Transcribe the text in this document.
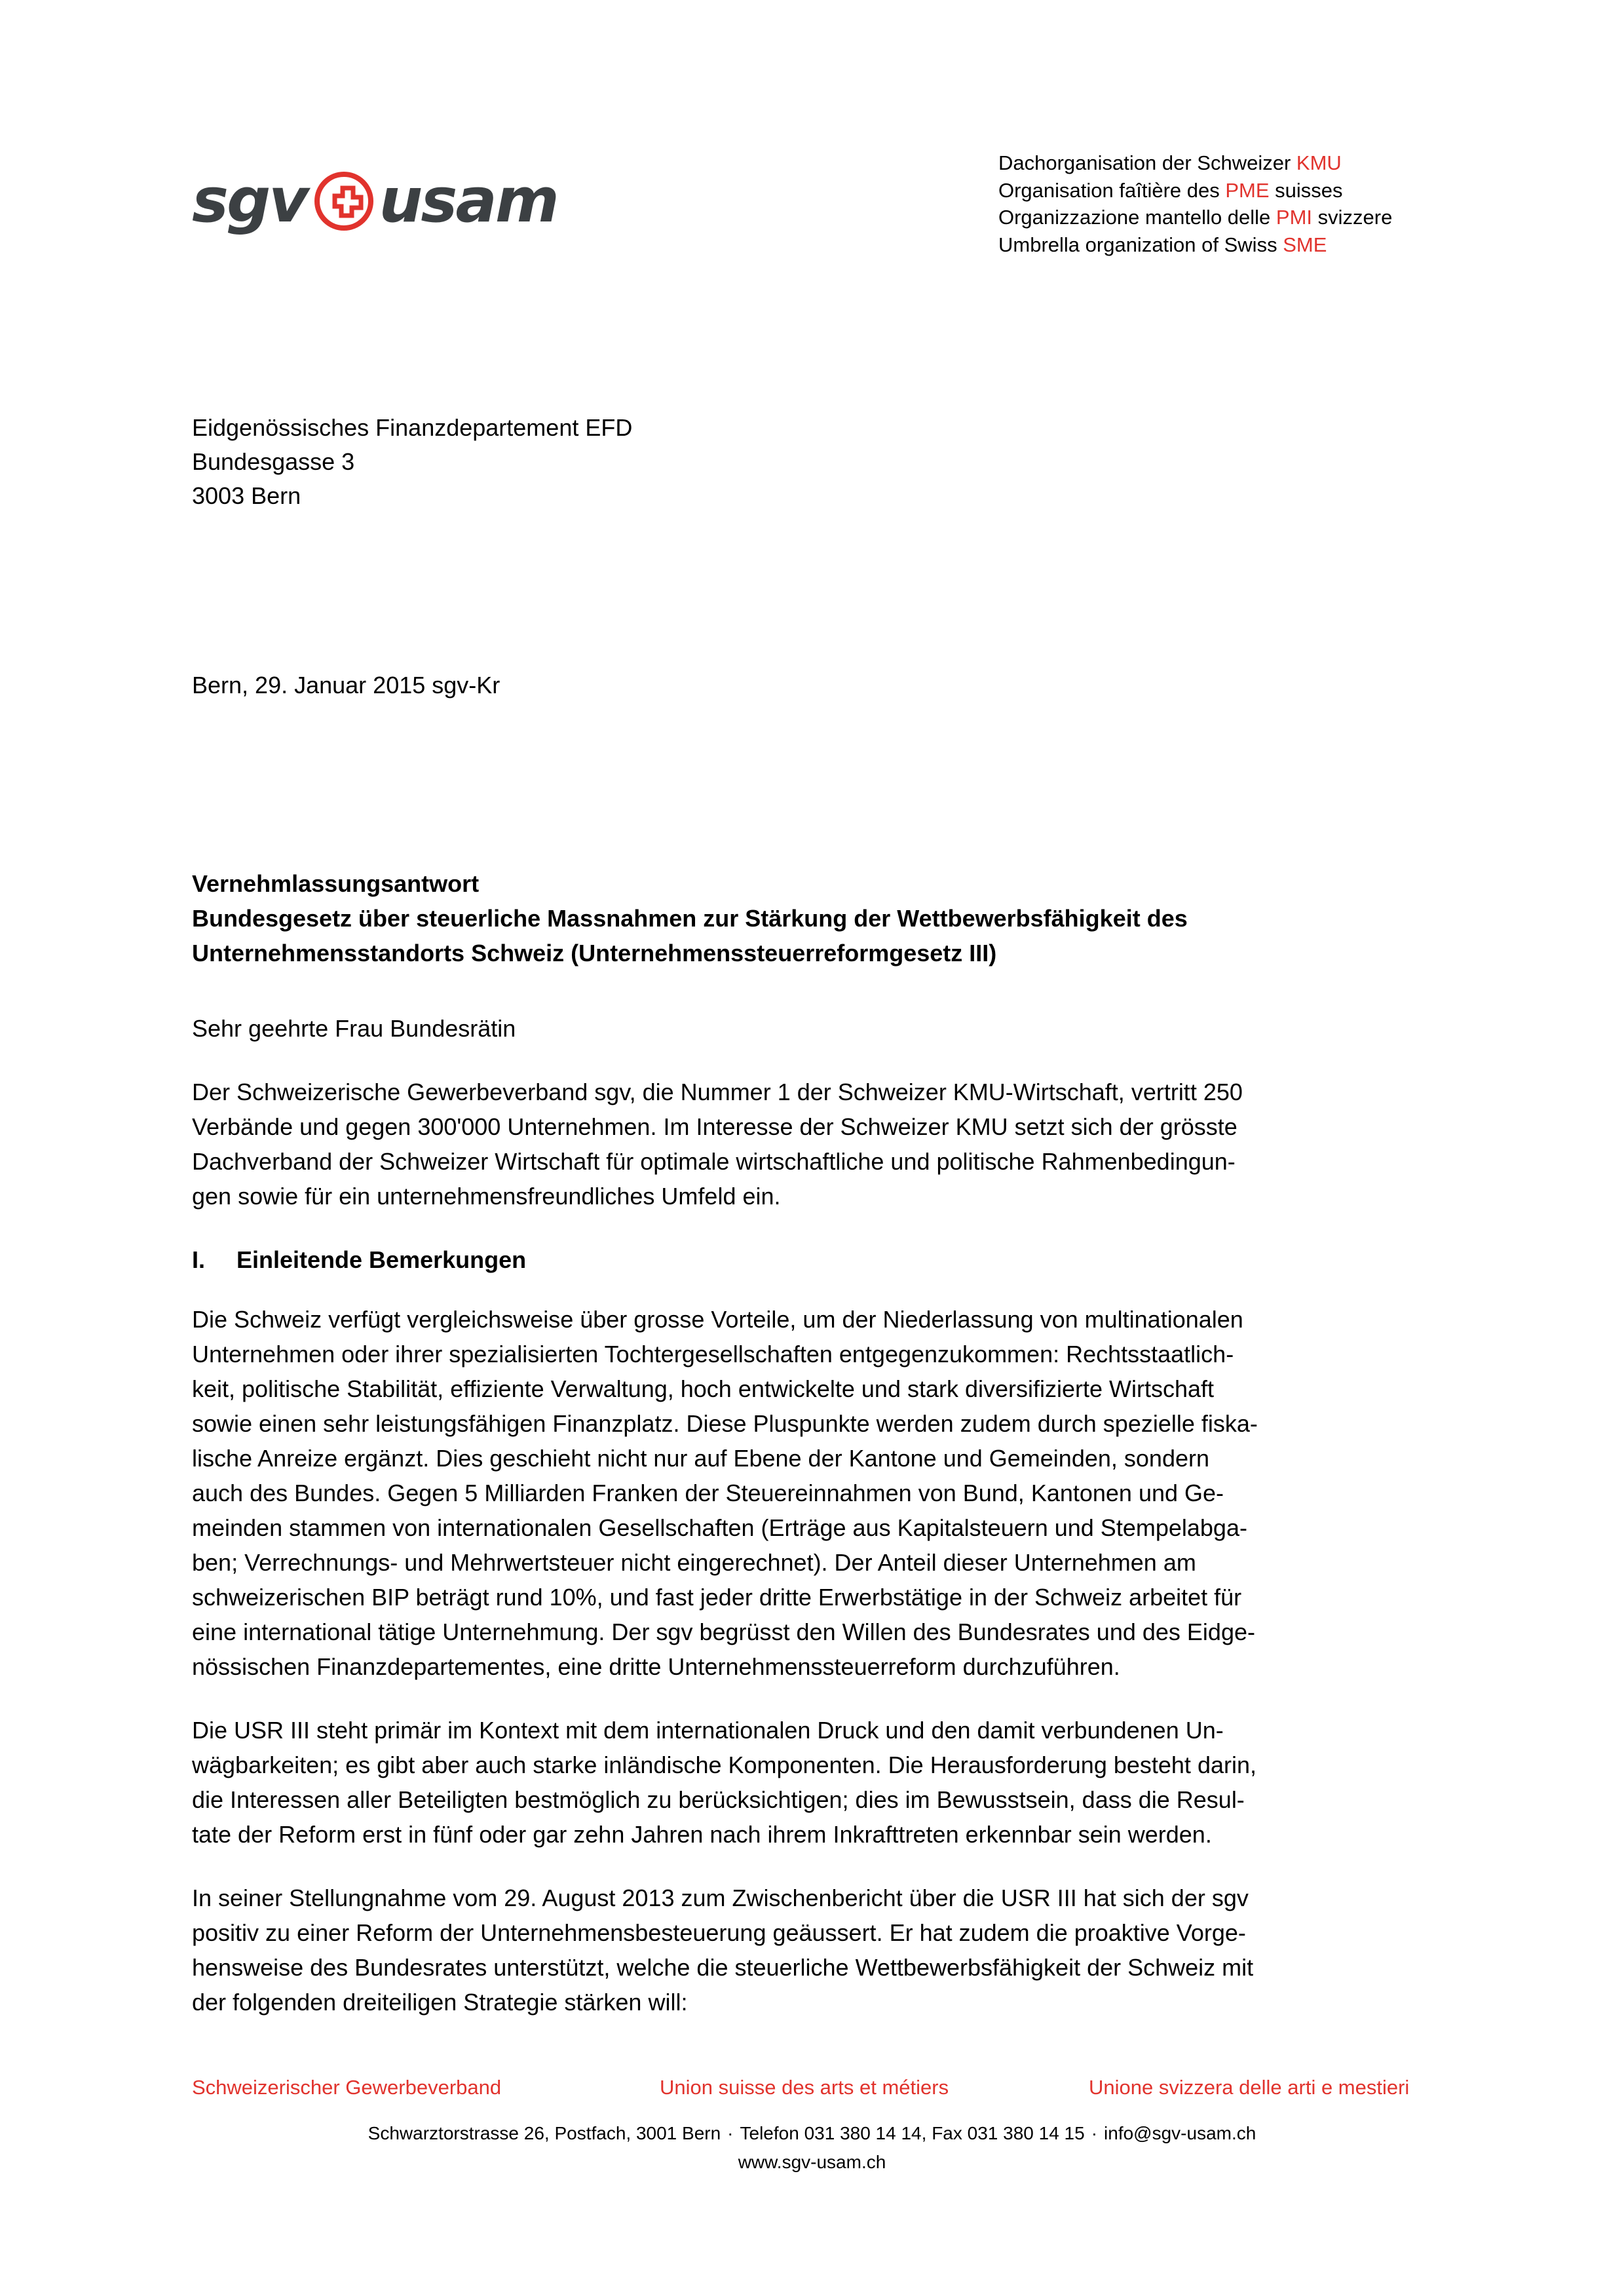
sgv usam
Dachorganisation der Schweizer KMU
Organisation faîtière des PME suisses
Organizzazione mantello delle PMI svizzere
Umbrella organization of Swiss SME
Eidgenössisches Finanzdepartement EFD
Bundesgasse 3
3003 Bern
Bern, 29. Januar 2015 sgv-Kr
Vernehmlassungsantwort
Bundesgesetz über steuerliche Massnahmen zur Stärkung der Wettbewerbsfähigkeit des
Unternehmensstandorts Schweiz (Unternehmenssteuerreformgesetz III)
Sehr geehrte Frau Bundesrätin

Der Schweizerische Gewerbeverband sgv, die Nummer 1 der Schweizer KMU-Wirtschaft, vertritt 250
Verbände und gegen 300'000 Unternehmen. Im Interesse der Schweizer KMU setzt sich der grösste
Dachverband der Schweizer Wirtschaft für optimale wirtschaftliche und politische Rahmenbedingun-
gen sowie für ein unternehmensfreundliches Umfeld ein.

I.	Einleitende Bemerkungen

Die Schweiz verfügt vergleichsweise über grosse Vorteile, um der Niederlassung von multinationalen
Unternehmen oder ihrer spezialisierten Tochtergesellschaften entgegenzukommen: Rechtsstaatlich-
keit, politische Stabilität, effiziente Verwaltung, hoch entwickelte und stark diversifizierte Wirtschaft
sowie einen sehr leistungsfähigen Finanzplatz. Diese Pluspunkte werden zudem durch spezielle fiska-
lische Anreize ergänzt. Dies geschieht nicht nur auf Ebene der Kantone und Gemeinden, sondern
auch des Bundes. Gegen 5 Milliarden Franken der Steuereinnahmen von Bund, Kantonen und Ge-
meinden stammen von internationalen Gesellschaften (Erträge aus Kapitalsteuern und Stempelabga-
ben; Verrechnungs- und Mehrwertsteuer nicht eingerechnet). Der Anteil dieser Unternehmen am
schweizerischen BIP beträgt rund 10%, und fast jeder dritte Erwerbstätige in der Schweiz arbeitet für
eine international tätige Unternehmung. Der sgv begrüsst den Willen des Bundesrates und des Eidge-
nössischen Finanzdepartementes, eine dritte Unternehmenssteuerreform durchzuführen.

Die USR III steht primär im Kontext mit dem internationalen Druck und den damit verbundenen Un-
wägbarkeiten; es gibt aber auch starke inländische Komponenten. Die Herausforderung besteht darin,
die Interessen aller Beteiligten bestmöglich zu berücksichtigen; dies im Bewusstsein, dass die Resul-
tate der Reform erst in fünf oder gar zehn Jahren nach ihrem Inkrafttreten erkennbar sein werden.

In seiner Stellungnahme vom 29. August 2013 zum Zwischenbericht über die USR III hat sich der sgv
positiv zu einer Reform der Unternehmensbesteuerung geäussert. Er hat zudem die proaktive Vorge-
hensweise des Bundesrates unterstützt, welche die steuerliche Wettbewerbsfähigkeit der Schweiz mit
der folgenden dreiteiligen Strategie stärken will:

Schweizerischer Gewerbeverband	Union suisse des arts et métiers	Unione svizzera delle arti e mestieri
Schwarztorstrasse 26, Postfach, 3001 Bern · Telefon 031 380 14 14, Fax 031 380 14 15 · info@sgv-usam.ch
www.sgv-usam.ch
